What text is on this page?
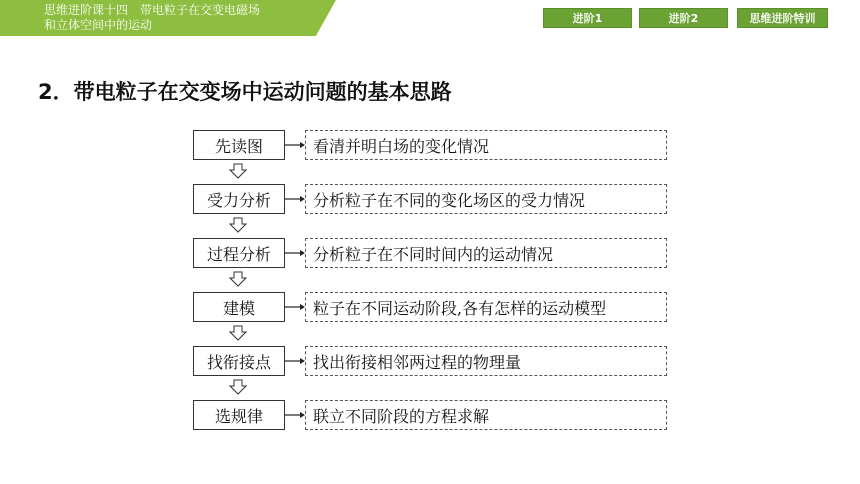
思维进阶课十四　带电粒子在交变电磁场
和立体空间中的运动	进阶1	进阶2	思维进阶特训
2．带电粒子在交变场中运动问题的基本思路
先读图	看清并明白场的变化情况
受力分析	分析粒子在不同的变化场区的受力情况
过程分析	分析粒子在不同时间内的运动情况
建模	粒子在不同运动阶段,各有怎样的运动模型
找衔接点	找出衔接相邻两过程的物理量
选规律	联立不同阶段的方程求解
